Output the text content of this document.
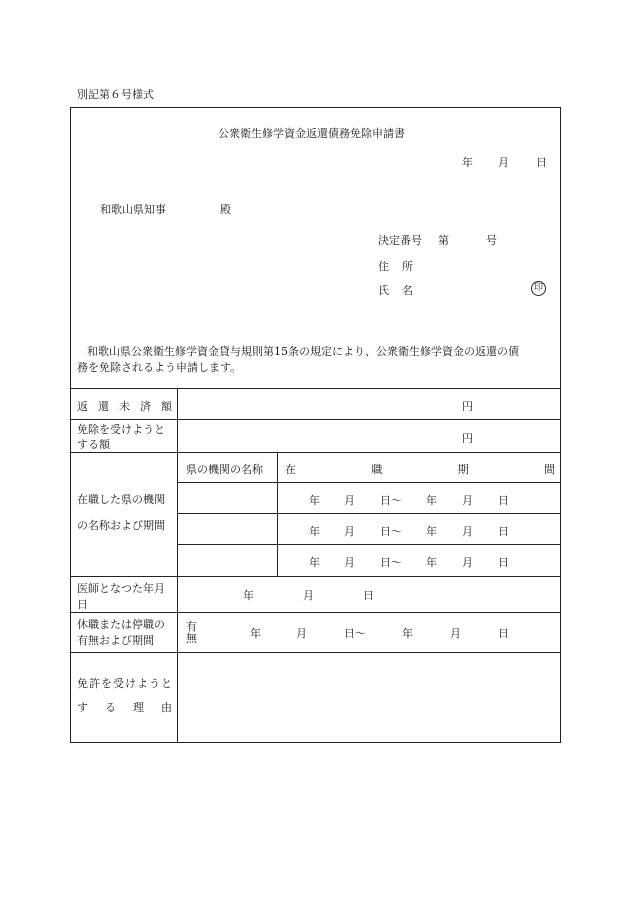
別記第６号様式
公衆衛生修学資金返還債務免除申請書
年 月 日
和歌山県知事	殿
決定番号 第	号
住 所
氏 名	印
和歌山県公衆衛生修学資金貸与規則第15条の規定により、公衆衛生修学資金の返還の債
務を免除されるよう申請します。
返 還 未 済 額	円
免除を受けようと
する額	円
在職した県の機関
の名称および期間
県の機関の名称 在	職	期	間
年 月 日～ 年 月 日
年 月 日～ 年 月 日
年 月 日～ 年 月 日
医師となつた年月
日
年	月	日
休職または停職の
有無および期間
有
無	年	月	日～	年	月	日
免 許 を 受 け よ う と
す る 理 由
